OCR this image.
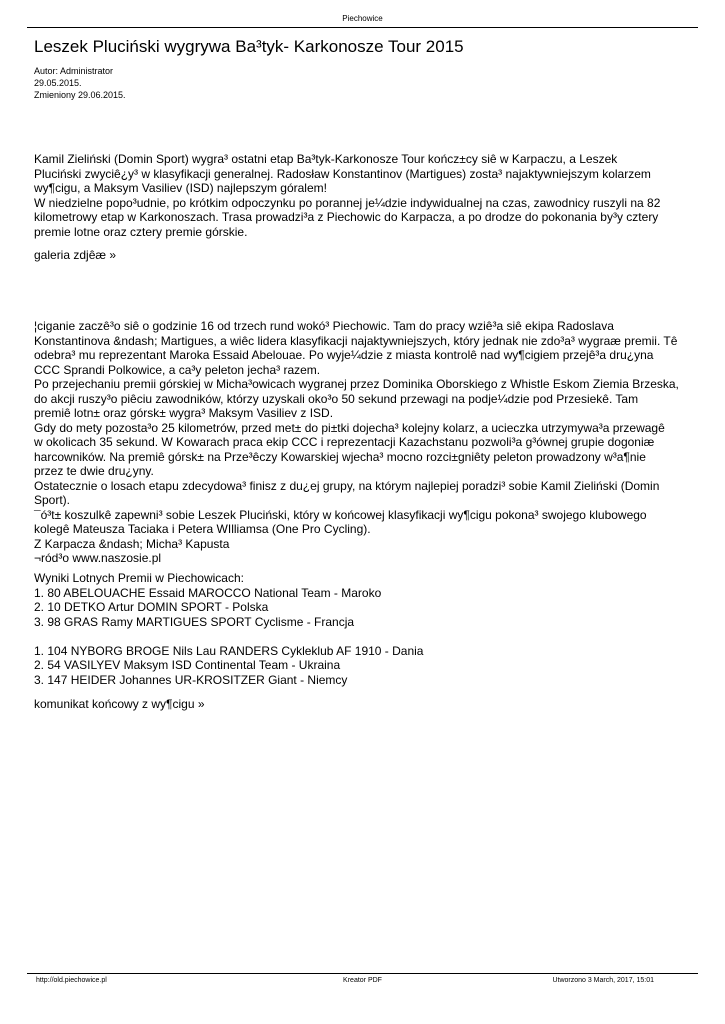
Piechowice
Leszek Pluciński wygrywa Ba³tyk- Karkonosze Tour 2015
Autor: Administrator
29.05.2015.
Zmieniony 29.06.2015.

Kamil Zieliński (Domin Sport) wygra³ ostatni etap Ba³tyk-Karkonosze Tour kończ±cy siê w Karpaczu, a Leszek

Pluciński zwyciê¿y³ w klasyfikacji generalnej. Radosław Konstantinov (Martigues) zosta³ najaktywniejszym kolarzem

wy¶cigu, a Maksym Vasiliev (ISD) najlepszym góralem!

W niedzielne popo³udnie, po krótkim odpoczynku po porannej je¼dzie indywidualnej na czas, zawodnicy ruszyli na 82

kilometrowy etap w Karkonoszach. Trasa prowadzi³a z Piechowic do Karpacza, a po drodze do pokonania by³y cztery

premie lotne oraz cztery premie górskie.

galeria zdjêæ »

¦ciganie zaczê³o siê o godzinie 16 od trzech rund wokó³ Piechowic. Tam do pracy wziê³a siê ekipa Radoslava

Konstantinova &ndash; Martigues, a wiêc lidera klasyfikacji najaktywniejszych, który jednak nie zdo³a³ wygraæ premii. Tê

odebra³ mu reprezentant Maroka Essaid Abelouae. Po wyje¼dzie z miasta kontrolê nad wy¶cigiem przejê³a dru¿yna

CCC Sprandi Polkowice, a ca³y peleton jecha³ razem.

Po przejechaniu premii górskiej w Micha³owicach wygranej przez Dominika Oborskiego z Whistle Eskom Ziemia Brzeska,

do akcji ruszy³o piêciu zawodników, którzy uzyskali oko³o 50 sekund przewagi na podje¼dzie pod Przesiekê. Tam

premiê lotn± oraz górsk± wygra³ Maksym Vasiliev z ISD.

Gdy do mety pozosta³o 25 kilometrów, przed met± do pi±tki dojecha³ kolejny kolarz, a ucieczka utrzymywa³a przewagê

w okolicach 35 sekund. W Kowarach praca ekip CCC i reprezentacji Kazachstanu pozwoli³a g³ównej grupie dogoniæ

harcowników. Na premiê górsk± na Prze³êczy Kowarskiej wjecha³ mocno rozci±gniêty peleton prowadzony w³a¶nie

przez te dwie dru¿yny.

Ostatecznie o losach etapu zdecydowa³ finisz z du¿ej grupy, na którym najlepiej poradzi³ sobie Kamil Zieliński (Domin

Sport).

¯ó³t± koszulkê zapewni³ sobie Leszek Pluciński, który w końcowej klasyfikacji wy¶cigu pokona³ swojego klubowego

kolegê Mateusza Taciaka i Petera WIlliamsa (One Pro Cycling).

Z Karpacza &ndash; Micha³ Kapusta

¬ród³o www.naszosie.pl

Wyniki Lotnych Premii w Piechowicach:

1. 80 ABELOUACHE Essaid MAROCCO National Team - Maroko

2. 10 DETKO Artur DOMIN SPORT - Polska

3. 98 GRAS Ramy MARTIGUES SPORT Cyclisme - Francja

1. 104 NYBORG BROGE Nils Lau RANDERS Cykleklub AF 1910 - Dania

2. 54 VASILYEV Maksym ISD Continental Team - Ukraina

3. 147 HEIDER Johannes UR-KROSITZER Giant - Niemcy

komunikat końcowy z wy¶cigu »
http://old.piechowice.pl	Kreator PDF	Utworzono 3 March, 2017, 15:01
